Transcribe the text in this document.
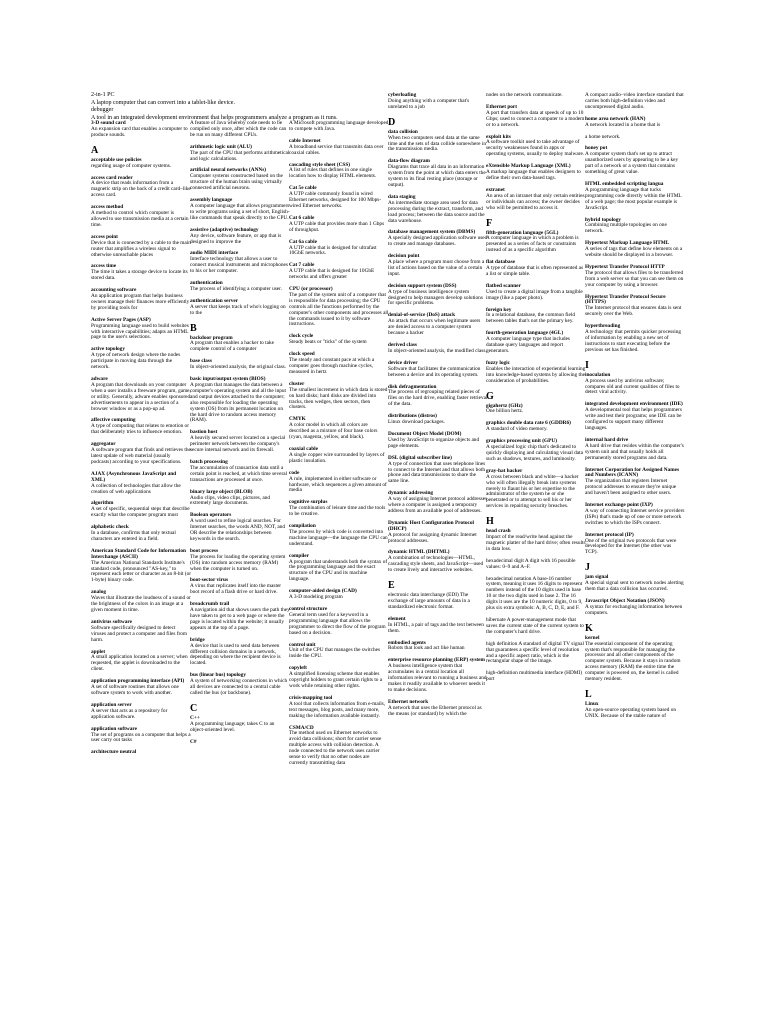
2-in-1 PC
A laptop computer that can convert into a tablet-like device.
debugger
A tool in an integrated development environment that helps programmers analyze a program as it runs.
3-D sound card
An expansion card that enables a computer to produce sounds.
A
acceptable use policies
regarding usage of computer systems.
access card reader
A device that reads information from a magnetic strip on the back of a credit card–like access card.
access method
A method to control which computer is allowed to use transmission media at a certain time.
access point
Device that is connected by a cable to the main router that amplifies a wireless signal to otherwise unreachable places
access time
The time it takes a storage device to locate its stored data.
accounting software
An application program that helps business owners manage their finances more efficiently by providing tools for
Active Server Pages (ASP)
Programming language used to build websites with interactive capabilities; adapts an HTML page to the user's selections.
active topology
A type of network design where the nodes participate in moving data through the network.
adware
A program that downloads on your computer when a user installs a freeware program, game, or utility. Generally, adware enables sponsored advertisements to appear in a section of a browser window or as a pop-up ad.
affective computing
A type of computing that relates to emotion or that deliberately tries to influence emotion.
aggregator
A software program that finds and retrieves the latest update of web material (usually podcasts) according to your specifications.
AJAX (Asynchronous JavaScript and XML)
A collection of technologies that allow the creation of web applications
algorithm
A set of specific, sequential steps that describe exactly what the computer program must
alphabetic check
In a database, confirms that only textual characters are entered in a field.
American Standard Code for Information Interchange (ASCII)
The American National Standards Institute's standard code, pronounced "AS-key," to represent each letter or character as an 8-bit (or 1-byte) binary code.
analog
Waves that illustrate the loudness of a sound or the brightness of the colors in an image at a given moment in time.
antivirus software
Software specifically designed to detect viruses and protect a computer and files from harm.
applet
A small application located on a server; when requested, the applet is downloaded to the client.
application programming interface (API)
A set of software routines that allows one software system to work with another.
application server
A server that acts as a repository for application software.
application software
The set of programs on a computer that helps a user carry out tasks
architecture neutral
A feature of Java whereby code needs to be compiled only once, after which the code can be run on many different CPUs.
arithmetic logic unit (ALU)
The part of the CPU that performs arithmetical and logic calculations.
artificial neural networks (ANNs)
Computer systems constructed based on the structure of the human brain using virtually connected artificial neurons.
assembly language
A computer language that allows programmers to write programs using a set of short, English-like commands that speak directly to the CPU.
assistive (adaptive) technology
Any device, software feature, or app that is designed to improve the
audio MIDI interface
Interface technology that allows a user to connect musical instruments and microphones to his or her computer.
authentication
The process of identifying a computer user.
authentication server
A server that keeps track of who's logging on to the
B
backdoor program
A program that enables a hacker to take complete control of a computer
base class
In object-oriented analysis, the original class.
basic input/output system (BIOS)
A program that manages the data between a computer's operating system and all the input and output devices attached to the computer; also responsible for loading the operating system (OS) from its permanent location on the hard drive to random access memory (RAM).
bastion host
A heavily secured server located on a special perimeter network between the company's secure internal network and its firewall.
batch processing
The accumulation of transaction data until a certain point is reached, at which time several transactions are processed at once.
binary large object (BLOB)
Audio clips, video clips, pictures, and extremely large documents.
Boolean operators
A word used to refine logical searches. For Internet searches, the words AND, NOT, and OR describe the relationships between keywords in the search.
boot process
The process for loading the operating system (OS) into random access memory (RAM) when the computer is turned on.
boot-sector virus
A virus that replicates itself into the master boot record of a flash drive or hard drive.
breadcrumb trail
A navigation aid that shows users the path they have taken to get to a web page or where the page is located within the website; it usually appears at the top of a page.
bridge
A device that is used to send data between different collision domains in a network, depending on where the recipient device is located.
bus (linear bus) topology
A system of networking connections in which all devices are connected to a central cable called the bus (or backbone).
C
C++
A programming language; takes C to an object-oriented level.
C#
A Microsoft programming language developed to compete with Java.
cable Internet
A broadband service that transmits data over coaxial cables.
cascading style sheet (CSS)
A list of rules that defines in one single location how to display HTML elements.
Cat 5e cable
A UTP cable commonly found in wired Ethernet networks, designed for 100 Mbps-wired Ethernet networks.
Cat 6 cable
A UTP cable that provides more than 1 Gbps of throughput.
Cat 6a cable
A UTP cable that is designed for ultrafast 10GbE networks.
Cat 7 cable
A UTP cable that is designed for 10GbE networks and offers greater
CPU (or processor)
The part of the system unit of a computer that is responsible for data processing; the CPU controls all the functions performed by the computer's other components and processes all the commands issued to it by software instructions.
clock cycle
Steady beats or "ticks" of the system
clock speed
The steady and constant pace at which a computer goes through machine cycles, measured in hertz
cluster
The smallest increment in which data is stored on hard disks; hard disks are divided into tracks, then wedges, then sectors, then clusters.
CMYK
A color model in which all colors are described as a mixture of four base colors (cyan, magenta, yellow, and black).
coaxial cable
A single copper wire surrounded by layers of plastic insulation.
code
A rule, implemented in either software or hardware, which sequences a given amount of media
cognitive surplus
The combination of leisure time and the tools to be creative.
compilation
The process by which code is converted into machine language—the language the CPU can understand.
compiler
A program that understands both the syntax of the programming language and the exact structure of the CPU and its machine language.
computer-aided design (CAD)
A 3-D modeling program
control structure
General term used for a keyword in a programming language that allows the programmer to direct the flow of the program based on a decision.
control unit
Unit of the CPU that manages the switches inside the CPU.
copyleft
A simplified licensing scheme that enables copyright holders to grant certain rights to a work while retaining other rights.
crisis-mapping tool
A tool that collects information from e-mails, text messages, blog posts, and many more, making the information available instantly.
CSMA/CD
The method used on Ethernet networks to avoid data collisions; short for carrier sense multiple access with collision detection. A node connected to the network uses carrier sense to verify that no other nodes are currently transmitting data
cyberloafing
Doing anything with a computer that's unrelated to a job
D
data collision
When two computers send data at the same time and the sets of data collide somewhere in the transmission media.
data-flow diagram
Diagrams that trace all data in an information system from the point at which data enters the system to its final resting place (storage or output).
data staging
An intermediate storage area used for data processing during the extract, transform, and load process; between the data source and the data warehouse.
database management system (DBMS)
A specially designed application software used to create and manage databases.
decision point
A place where a program must choose from a list of actions based on the value of a certain input.
decision support system (DSS)
A type of business intelligence system designed to help managers develop solutions for specific problems.
denial-of-service (DoS) attack
An attack that occurs when legitimate users are denied access to a computer system because a hacker
derived class
In object-oriented analysis, the modified class.
device driver
Software that facilitates the communication between a device and its operating system.
disk defragmentation
The process of regrouping related pieces of files on the hard drive, enabling faster retrieval of the data.
distributions (distros)
Linux download packages.
Document Object Model (DOM)
Used by JavaScript to organize objects and page elements.
DSL (digital subscriber line)
A type of connection that uses telephone lines to connect to the Internet and that allows both phone and data transmissions to share the same line.
dynamic addressing
A way of assigning Internet protocol addresses where a computer is assigned a temporary address from an available pool of addresses.
Dynamic Host Configuration Protocol (DHCP)
A protocol for assigning dynamic Internet protocol addresses.
dynamic HTML (DHTML)
A combination of technologies—HTML, cascading style sheets, and JavaScript—used to create lively and interactive websites.
E
electronic data interchange (EDI) The exchange of large amounts of data in a standardized electronic format.
element
In HTML, a pair of tags and the text between them.
embodied agents
Robots that look and act like human
enterprise resource planning (ERP) system
A business intelligence system that accumulates in a central location all information relevant to running a business and makes it readily available to whoever needs it to make decisions.
Ethernet network
A network that uses the Ethernet protocol as the means (or standard) by which the
nodes on the network communicate.
Ethernet port
A port that transfers data at speeds of up to 10 Gbps; used to connect a computer to a modem or to a network.
exploit kits
A software toolkit used to take advantage of security weaknesses found in apps or operating systems, usually to deploy malware.
eXtensible Markup Language (XML)
A markup language that enables designers to define their own data-based tags.
extranet
An area of an intranet that only certain entities or individuals can access; the owner decides who will be permitted to access it.
F
fifth-generation language (5GL)
A computer language in which a problem is presented as a series of facts or constraints instead of as a specific algorithm
flat database
A type of database that is often represented as a list or simple table.
flatbed scanner
Used to create a digital image from a tangible image (like a paper photo).
foreign key
In a relational database, the common field between tables that's not the primary key.
fourth-generation language (4GL)
A computer language type that includes database query languages and report generators.
fuzzy logic
Enables the interaction of experiential learning into knowledge-based systems by allowing the consideration of probabilities.
G
gigahertz (GHz)
One billion hertz.
graphics double data rate 6 (GDDR6)
A standard of video memory.
graphics processing unit (GPU)
A specialized logic chip that's dedicated to quickly displaying and calculating visual data such as shadows, textures, and luminosity.
gray-hat hacker
A cross between black and white—a hacker who will often illegally break into systems merely to flaunt his or her expertise to the administrator of the system he or she penetrated or to attempt to sell his or her services in repairing security breaches.
H
head crash
Impact of the read/write head against the magnetic platter of the hard drive; often results in data loss.
hexadecimal digit A digit with 16 possible values: 0–9 and A–F.
hexadecimal notation A base-16 number system, meaning it uses 16 digits to represent numbers instead of the 10 digits used in base 10 or the two digits used in base 2. The 16 digits it uses are the 10 numeric digits, 0 to 9, plus six extra symbols: A, B, C, D, E, and F.
hibernate A power-management mode that saves the current state of the current system to the computer's hard drive.
high definition A standard of digital TV signal that guarantees a specific level of resolution and a specific aspect ratio, which is the rectangular shape of the image.
high-definition multimedia interface (HDMI) port
A compact audio–video interface standard that carries both high-definition video and uncompressed digital audio.
home area network (HAN)
A network located in a home that is
a home network.
honey pot
A computer system that's set up to attract unauthorized users by appearing to be a key part of a network or a system that contains something of great value.
HTML embedded scripting langua
A programming language that tucks programming code directly within the HTML of a web page; the most popular example is JavaScript.
hybrid topology
Combining multiple topologies on one network.
Hypertext Markup Language HTML
A series of tags that define how elements on a website should be displayed in a browser.
Hypertext Transfer Protocol HTTP
The protocol that allows files to be transferred from a web server so that you can see them on your computer by using a browser.
Hypertext Transfer Protocol Secure (HTTPS)
The Internet protocol that ensures data is sent securely over the Web.
hyperthreading
A technology that permits quicker processing of information by enabling a new set of instructions to start executing before the previous set has finished.
I
inoculation
A process used by antivirus software; compares old and current qualities of files to detect viral activity.
integrated development environment (IDE)
A developmental tool that helps programmers write and test their programs; one IDE can be configured to support many different languages.
internal hard drive
A hard drive that resides within the computer's system unit and that usually holds all permanently stored programs and data.
Internet Corporation for Assigned Names and Numbers (ICANN)
The organization that registers Internet protocol addresses to ensure they're unique and haven't been assigned to other users.
Internet exchange point (IXP)
A way of connecting Internet service providers (ISPs) that's made up of one or more network switches to which the ISPs connect.
Internet protocol (IP)
One of the original two protocols that were developed for the Internet (the other was TCP).
J
jam signal
A special signal sent to network nodes alerting them that a data collision has occurred.
Javascript Object Notation (JSON)
A syntax for exchanging information between computers.
K
kernel
The essential component of the operating system that's responsible for managing the processor and all other components of the computer system. Because it stays in random access memory (RAM) the entire time the computer is powered on, the kernel is called memory resident.
L
Linux
An open-source operating system based on UNIX. Because of the stable nature of
